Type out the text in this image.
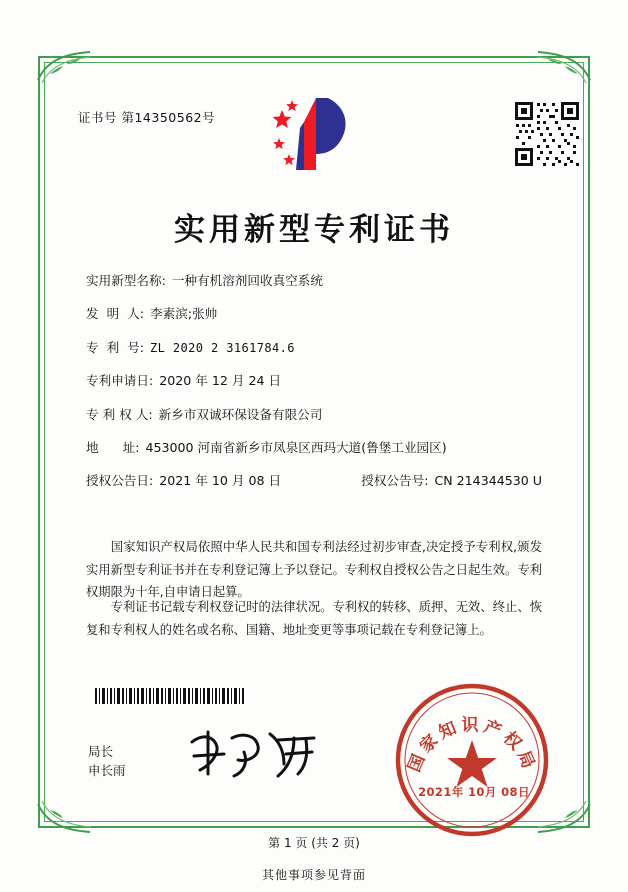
证书号 第14350562号
实用新型专利证书
实用新型名称: 一种有机溶剂回收真空系统
发  明  人: 李素滨;张帅
专  利  号: ZL 2020 2 3161784.6
专利申请日: 2020 年 12 月 24 日
专 利 权 人: 新乡市双诚环保设备有限公司
地      址: 453000 河南省新乡市凤泉区西玛大道(鲁堡工业园区)
授权公告日: 2021 年 10 月 08 日	授权公告号: CN 214344530 U
国家知识产权局依照中华人民共和国专利法经过初步审查,决定授予专利权,颁发实用新型专利证书并在专利登记簿上予以登记。专利权自授权公告之日起生效。专利权期限为十年,自申请日起算。
专利证书记载专利权登记时的法律状况。专利权的转移、质押、无效、终止、恢复和专利权人的姓名或名称、国籍、地址变更等事项记载在专利登记簿上。
国家知识产权局
2021年 10月 08日
局长
申长雨
第 1 页 (共 2 页)
其他事项参见背面
